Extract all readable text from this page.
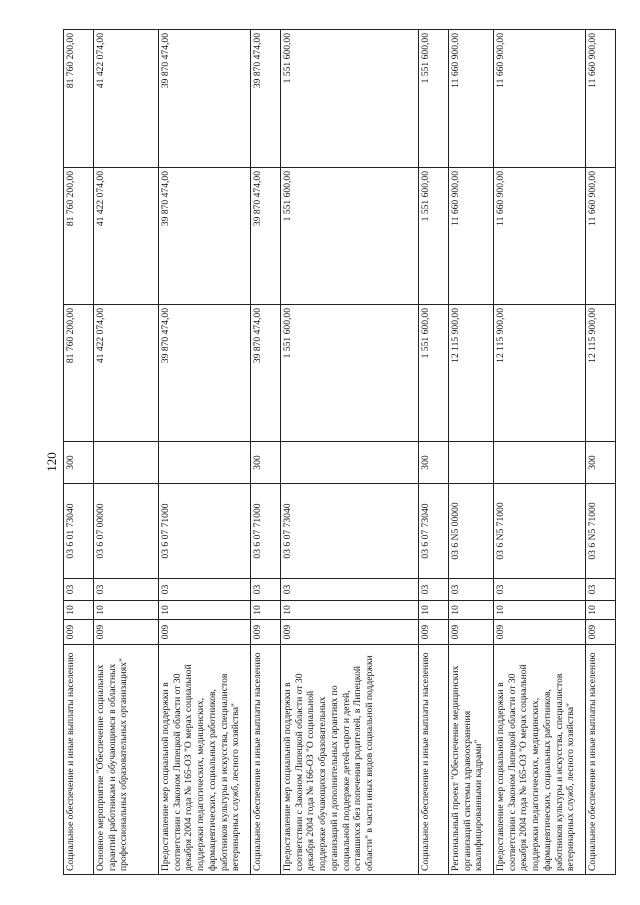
120
Социальное обеспечение и иные выплаты населению	009	10	03	03 6 01 73040	300	81 760 200,00	81 760 200,00	81 760 200,00
Основное мероприятие "Обеспечение социальных гарантий работникам и обучающимся в областных профессиональных образовательных организациях"	009	10	03	03 6 07 00000		41 422 074,00	41 422 074,00	41 422 074,00
Предоставление мер социальной поддержки в соответствии с Законом Липецкой области от 30 декабря 2004 года № 165-ОЗ "О мерах социальной поддержки педагогических, медицинских, фармацевтических, социальных работников, работников культуры и искусства, специалистов ветеринарных служб, лесного хозяйства"	009	10	03	03 6 07 71000		39 870 474,00	39 870 474,00	39 870 474,00
Социальное обеспечение и иные выплаты населению	009	10	03	03 6 07 71000	300	39 870 474,00	39 870 474,00	39 870 474,00
Предоставление мер социальной поддержки в соответствии с Законом Липецкой области от 30 декабря 2004 года № 166-ОЗ "О социальной поддержке обучающихся образовательных организаций и дополнительных гарантиях по социальной поддержке детей-сирот и детей, оставшихся без попечения родителей, в Липецкой области" в части иных видов социальной поддержки	009	10	03	03 6 07 73040		1 551 600,00	1 551 600,00	1 551 600,00
Социальное обеспечение и иные выплаты населению	009	10	03	03 6 07 73040	300	1 551 600,00	1 551 600,00	1 551 600,00
Региональный проект "Обеспечение медицинских организаций системы здравоохранения квалифицированными кадрами"	009	10	03	03 6 N5 00000		12 115 900,00	11 660 900,00	11 660 900,00
Предоставление мер социальной поддержки в соответствии с Законом Липецкой области от 30 декабря 2004 года № 165-ОЗ "О мерах социальной поддержки педагогических, медицинских, фармацевтических, социальных работников, работников культуры и искусства, специалистов ветеринарных служб, лесного хозяйства"	009	10	03	03 6 N5 71000		12 115 900,00	11 660 900,00	11 660 900,00
Социальное обеспечение и иные выплаты населению	009	10	03	03 6 N5 71000	300	12 115 900,00	11 660 900,00	11 660 900,00
